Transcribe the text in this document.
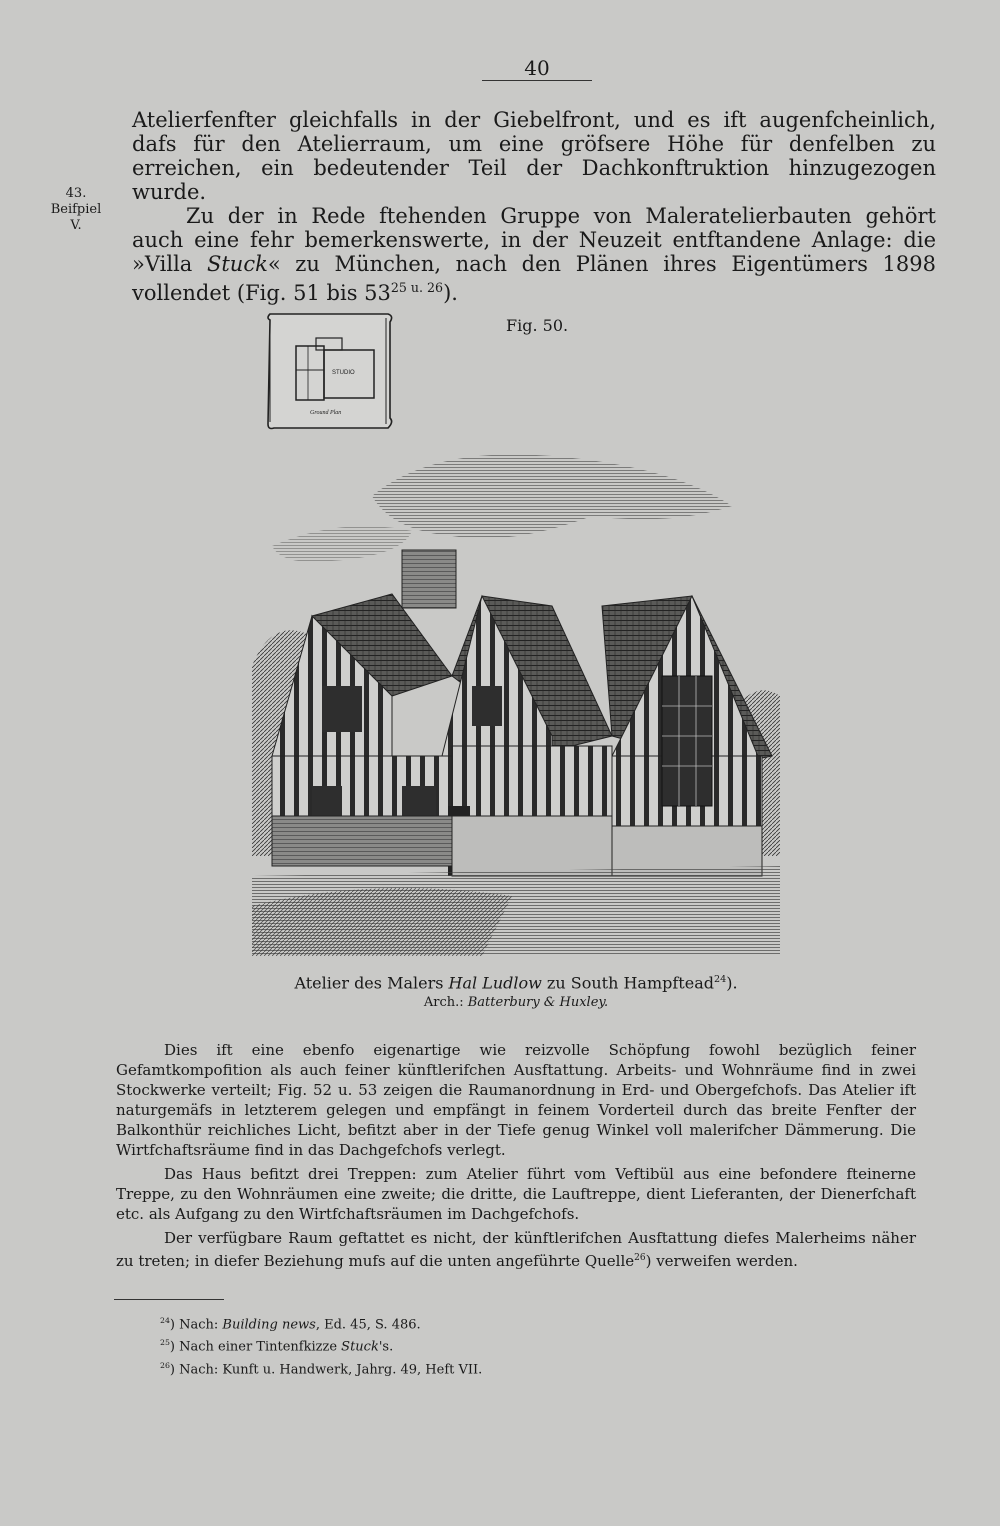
40
43.
Beifpiel
V.

Atelierfenfter gleichfalls in der Giebelfront, und es ift augenfcheinlich, dafs für den Atelierraum, um eine gröfsere Höhe für denfelben zu erreichen, ein bedeutender Teil der Dachkonftruktion hinzugezogen wurde.

Zu der in Rede ftehenden Gruppe von Maleratelierbauten gehört auch eine fehr bemerkenswerte, in der Neuzeit entftandene Anlage: die »Villa Stuck« zu München, nach den Plänen ihres Eigentümers 1898 vollendet (Fig. 51 bis $53^{25 u. 26}$).

STUDIO
Ground Plan
Fig. 50.
Atelier des Malers Hal Ludlow zu South Hampftead$^{24}$).
Arch.: Batterbury & Huxley.

Dies ift eine ebenfo eigenartige wie reizvolle Schöpfung fowohl bezüglich feiner Gefamtkompofition als auch feiner künftlerifchen Ausftattung. Arbeits- und Wohnräume find in zwei Stockwerke verteilt; Fig. 52 u. 53 zeigen die Raumanordnung in Erd- und Obergefchofs. Das Atelier ift naturgemäfs in letzterem gelegen und empfängt in feinem Vorderteil durch das breite Fenfter der Balkonthür reichliches Licht, befitzt aber in der Tiefe genug Winkel voll malerifcher Dämmerung. Die Wirtfchaftsräume find in das Dachgefchofs verlegt.

Das Haus befitzt drei Treppen: zum Atelier führt vom Veftibül aus eine befondere fteinerne Treppe, zu den Wohnräumen eine zweite; die dritte, die Lauftreppe, dient Lieferanten, der Dienerfchaft etc. als Aufgang zu den Wirtfchaftsräumen im Dachgefchofs.

Der verfügbare Raum geftattet es nicht, der künftlerifchen Ausftattung diefes Malerheims näher zu treten; in diefer Beziehung mufs auf die unten angeführte Quelle$^{26}$) verweifen werden.

$^{24}$) Nach: Building news, Ed. 45, S. 486.
$^{25}$) Nach einer Tintenfkizze Stuck's.
$^{26}$) Nach: Kunft u. Handwerk, Jahrg. 49, Heft VII.
